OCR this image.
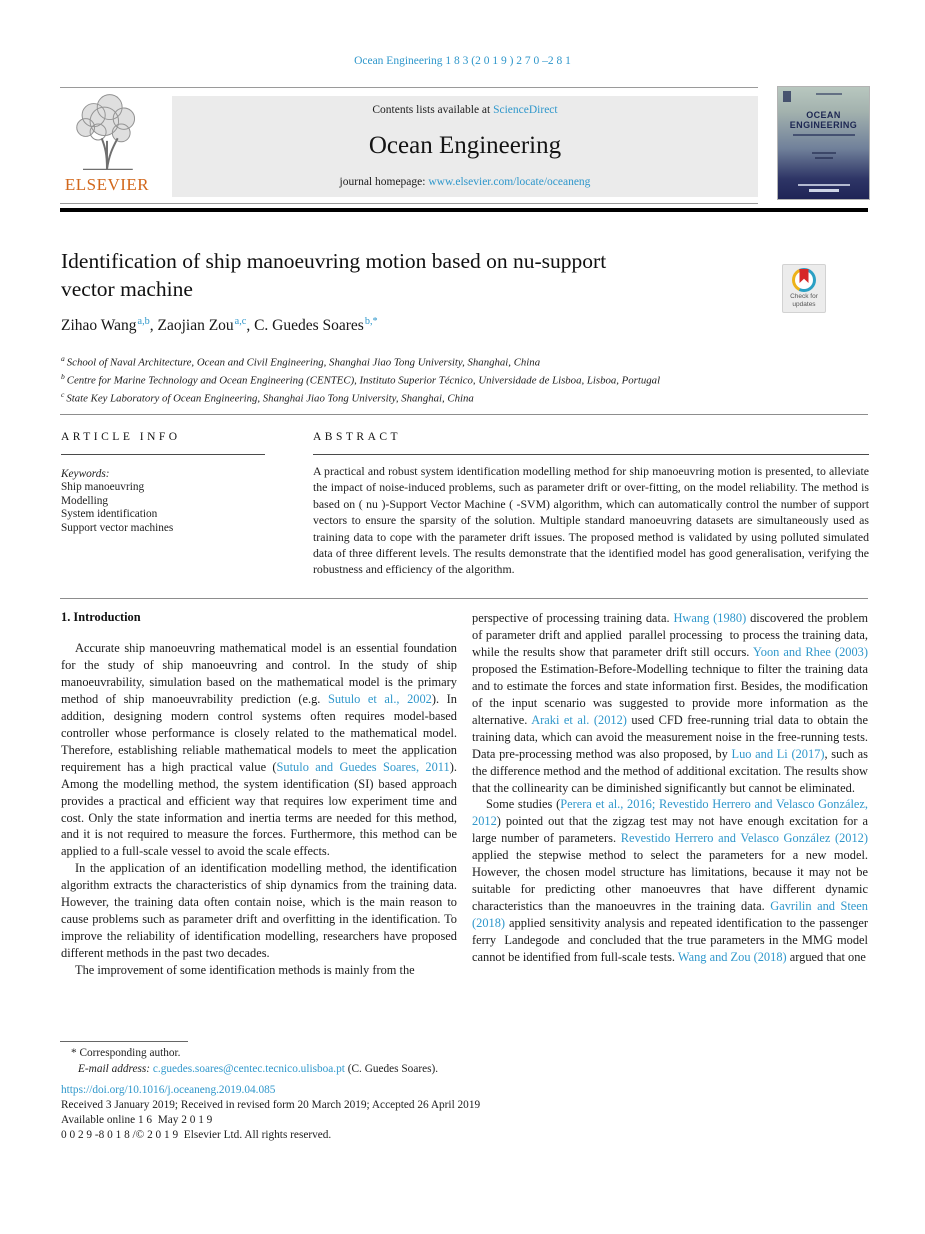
Ocean Engineering 1 8 3 (2 0 1 9 ) 2 7 0 –2 8 1
ELSEVIER
Contents lists available at ScienceDirect
Ocean Engineering
journal homepage: www.elsevier.com/locate/oceaneng
OCEAN
ENGINEERING
Identification of ship manoeuvring motion based on nu-support
vector machine	Check for
updates
Zihao Wang$^{a,b}$, Zaojian Zou$^{a,c}$, C. Guedes Soares$^{b,*}$
$^a$ School of Naval Architecture, Ocean and Civil Engineering, Shanghai Jiao Tong University, Shanghai, China
$^b$ Centre for Marine Technology and Ocean Engineering (CENTEC), Instituto Superior Técnico, Universidade de Lisboa, Lisboa, Portugal
$^c$ State Key Laboratory of Ocean Engineering, Shanghai Jiao Tong University, Shanghai, China
ARTICLE INFO
Keywords:
Ship manoeuvring
Modelling
System identification
Support vector machines
ABSTRACT
A practical and robust system identification modelling method for ship manoeuvring motion is presented, to alleviate the impact of noise-induced problems, such as parameter drift or over-fitting, on the model reliability. The method is based on ( nu )-Support Vector Machine ( -SVM) algorithm, which can automatically control the number of support vectors to ensure the sparsity of the solution. Multiple standard manoeuvring datasets are simultaneously used as training data to cope with the parameter drift issues. The proposed method is validated by using polluted simulated data of three different levels. The results demonstrate that the identified model has good generalisation, verifying the robustness and efficiency of the algorithm.
1. Introduction

Accurate ship manoeuvring mathematical model is an essential foundation for the study of ship manoeuvring and control. In the study of ship manoeuvrability, simulation based on the mathematical model is the primary method of ship manoeuvrability prediction (e.g. Sutulo et al., 2002). In addition, designing modern control systems often requires model-based controller whose performance is closely related to the mathematical model. Therefore, establishing reliable mathematical models to meet the application requirement has a high practical value (Sutulo and Guedes Soares, 2011). Among the modelling method, the system identification (SI) based approach provides a practical and efficient way that requires low experiment time and cost. Only the state information and inertia terms are needed for this method, and it is not required to measure the forces. Furthermore, this method can be applied to a full-scale vessel to avoid the scale effects.

In the application of an identification modelling method, the identification algorithm extracts the characteristics of ship dynamics from the training data. However, the training data often contain noise, which is the main reason to cause problems such as parameter drift and overfitting in the identification. To improve the reliability of identification modelling, researchers have proposed different methods in the past two decades.

The improvement of some identification methods is mainly from the

perspective of processing training data. Hwang (1980) discovered the problem of parameter drift and applied  parallel processing  to process the training data, while the results show that parameter drift still occurs. Yoon and Rhee (2003) proposed the Estimation-Before-Modelling technique to filter the training data and to estimate the forces and state information first. Besides, the modification of the input scenario was suggested to provide more information as the alternative. Araki et al. (2012) used CFD free-running trial data to obtain the training data, which can avoid the measurement noise in the free-running tests. Data pre-processing method was also proposed, by Luo and Li (2017), such as the difference method and the method of additional excitation. The results show that the collinearity can be diminished significantly but cannot be eliminated.

Some studies (Perera et al., 2016; Revestido Herrero and Velasco González, 2012) pointed out that the zigzag test may not have enough excitation for a large number of parameters. Revestido Herrero and Velasco González (2012) applied the stepwise method to select the parameters for a new model. However, the chosen model structure has limitations, because it may not be suitable for predicting other manoeuvres that have different dynamic characteristics than the manoeuvres in the training data. Gavrilin and Steen (2018) applied sensitivity analysis and repeated identification to the passenger ferry  Landegode  and concluded that the true parameters in the MMG model cannot be identified from full-scale tests. Wang and Zou (2018) argued that one

* Corresponding author.
E-mail address: c.guedes.soares@centec.tecnico.ulisboa.pt (C. Guedes Soares).
https://doi.org/10.1016/j.oceaneng.2019.04.085
Received 3 January 2019; Received in revised form 20 March 2019; Accepted 26 April 2019
Available online 1 6  May 2 0 1 9
0 0 2 9 -8 0 1 8 /© 2 0 1 9  Elsevier Ltd. All rights reserved.
